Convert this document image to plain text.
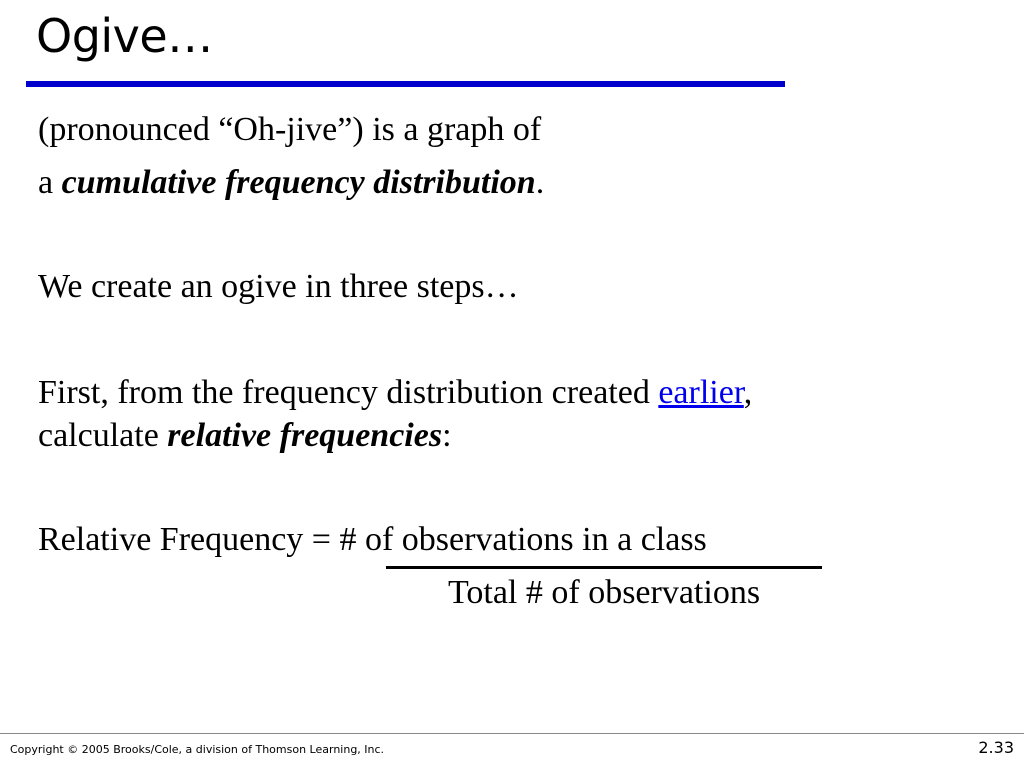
Ogive…
(pronounced “Oh-jive”) is a graph of
a cumulative frequency distribution.
We create an ogive in three steps…
First, from the frequency distribution created earlier,
calculate relative frequencies:
Relative Frequency = # of observations in a class
Total # of observations
Copyright © 2005 Brooks/Cole, a division of Thomson Learning, Inc.	2.33
